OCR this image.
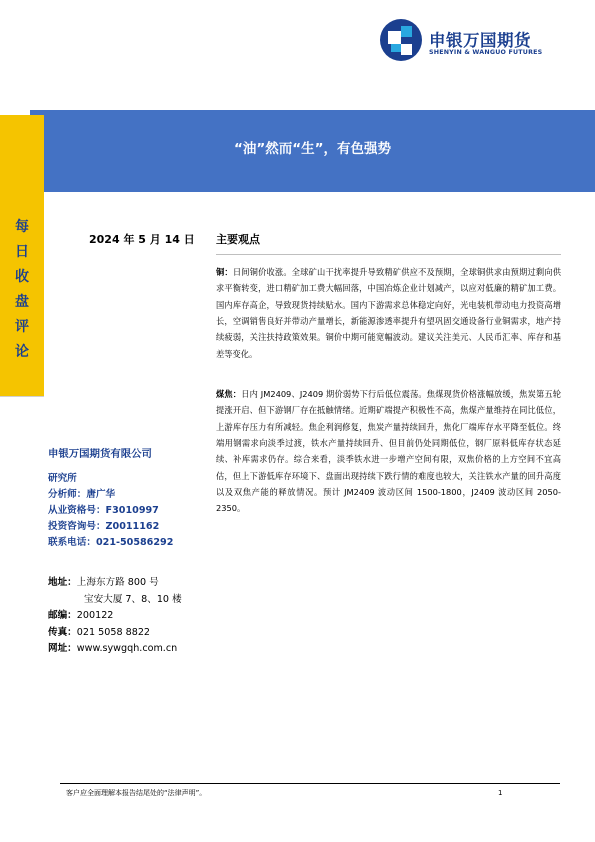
申银万国期货
SHENYIN & WANGUO FUTURES
“油”然而“生”，有色强势
每
日
收
盘
评
论
2024 年 5 月 14 日 主要观点
铜：日间铜价收涨。全球矿山干扰率提升导致精矿供应不及预期，全球铜供求由预期过剩向供求平衡转变，进口精矿加工费大幅回落，中国冶炼企业计划减产，以应对低廉的精矿加工费。国内库存高企，导致现货持续贴水。国内下游需求总体稳定向好，光电装机带动电力投资高增长，空调销售良好并带动产量增长，新能源渗透率提升有望巩固交通设备行业铜需求，地产持续疲弱，关注扶持政策效果。铜价中期可能宽幅波动。建议关注美元、人民币汇率、库存和基差等变化。
煤焦：日内 JM2409、J2409 期价弱势下行后低位震荡。焦煤现货价格涨幅放缓，焦炭第五轮提涨开启、但下游钢厂存在抵触情绪。近期矿端提产积极性不高，焦煤产量维持在同比低位，上游库存压力有所减轻。焦企利润修复，焦炭产量持续回升，焦化厂端库存水平降至低位。终端用钢需求向淡季过渡，铁水产量持续回升、但目前仍处同期低位，钢厂原料低库存状态延续、补库需求仍存。综合来看，淡季铁水进一步增产空间有限，双焦价格的上方空间不宜高估，但上下游低库存环境下、盘面出现持续下跌行情的难度也较大，关注铁水产量的回升高度以及双焦产能的释放情况。预计 JM2409 波动区间 1500-1800，J2409 波动区间 2050-2350。
申银万国期货有限公司
研究所
分析师：唐广华
从业资格号：F3010997
投资咨询号：Z0011162
联系电话：021-50586292
地址：上海东方路 800 号
宝安大厦 7、8、10 楼
邮编：200122
传真：021 5058 8822
网址：www.sywgqh.com.cn
客户应全面理解本报告结尾处的“法律声明”。	1
